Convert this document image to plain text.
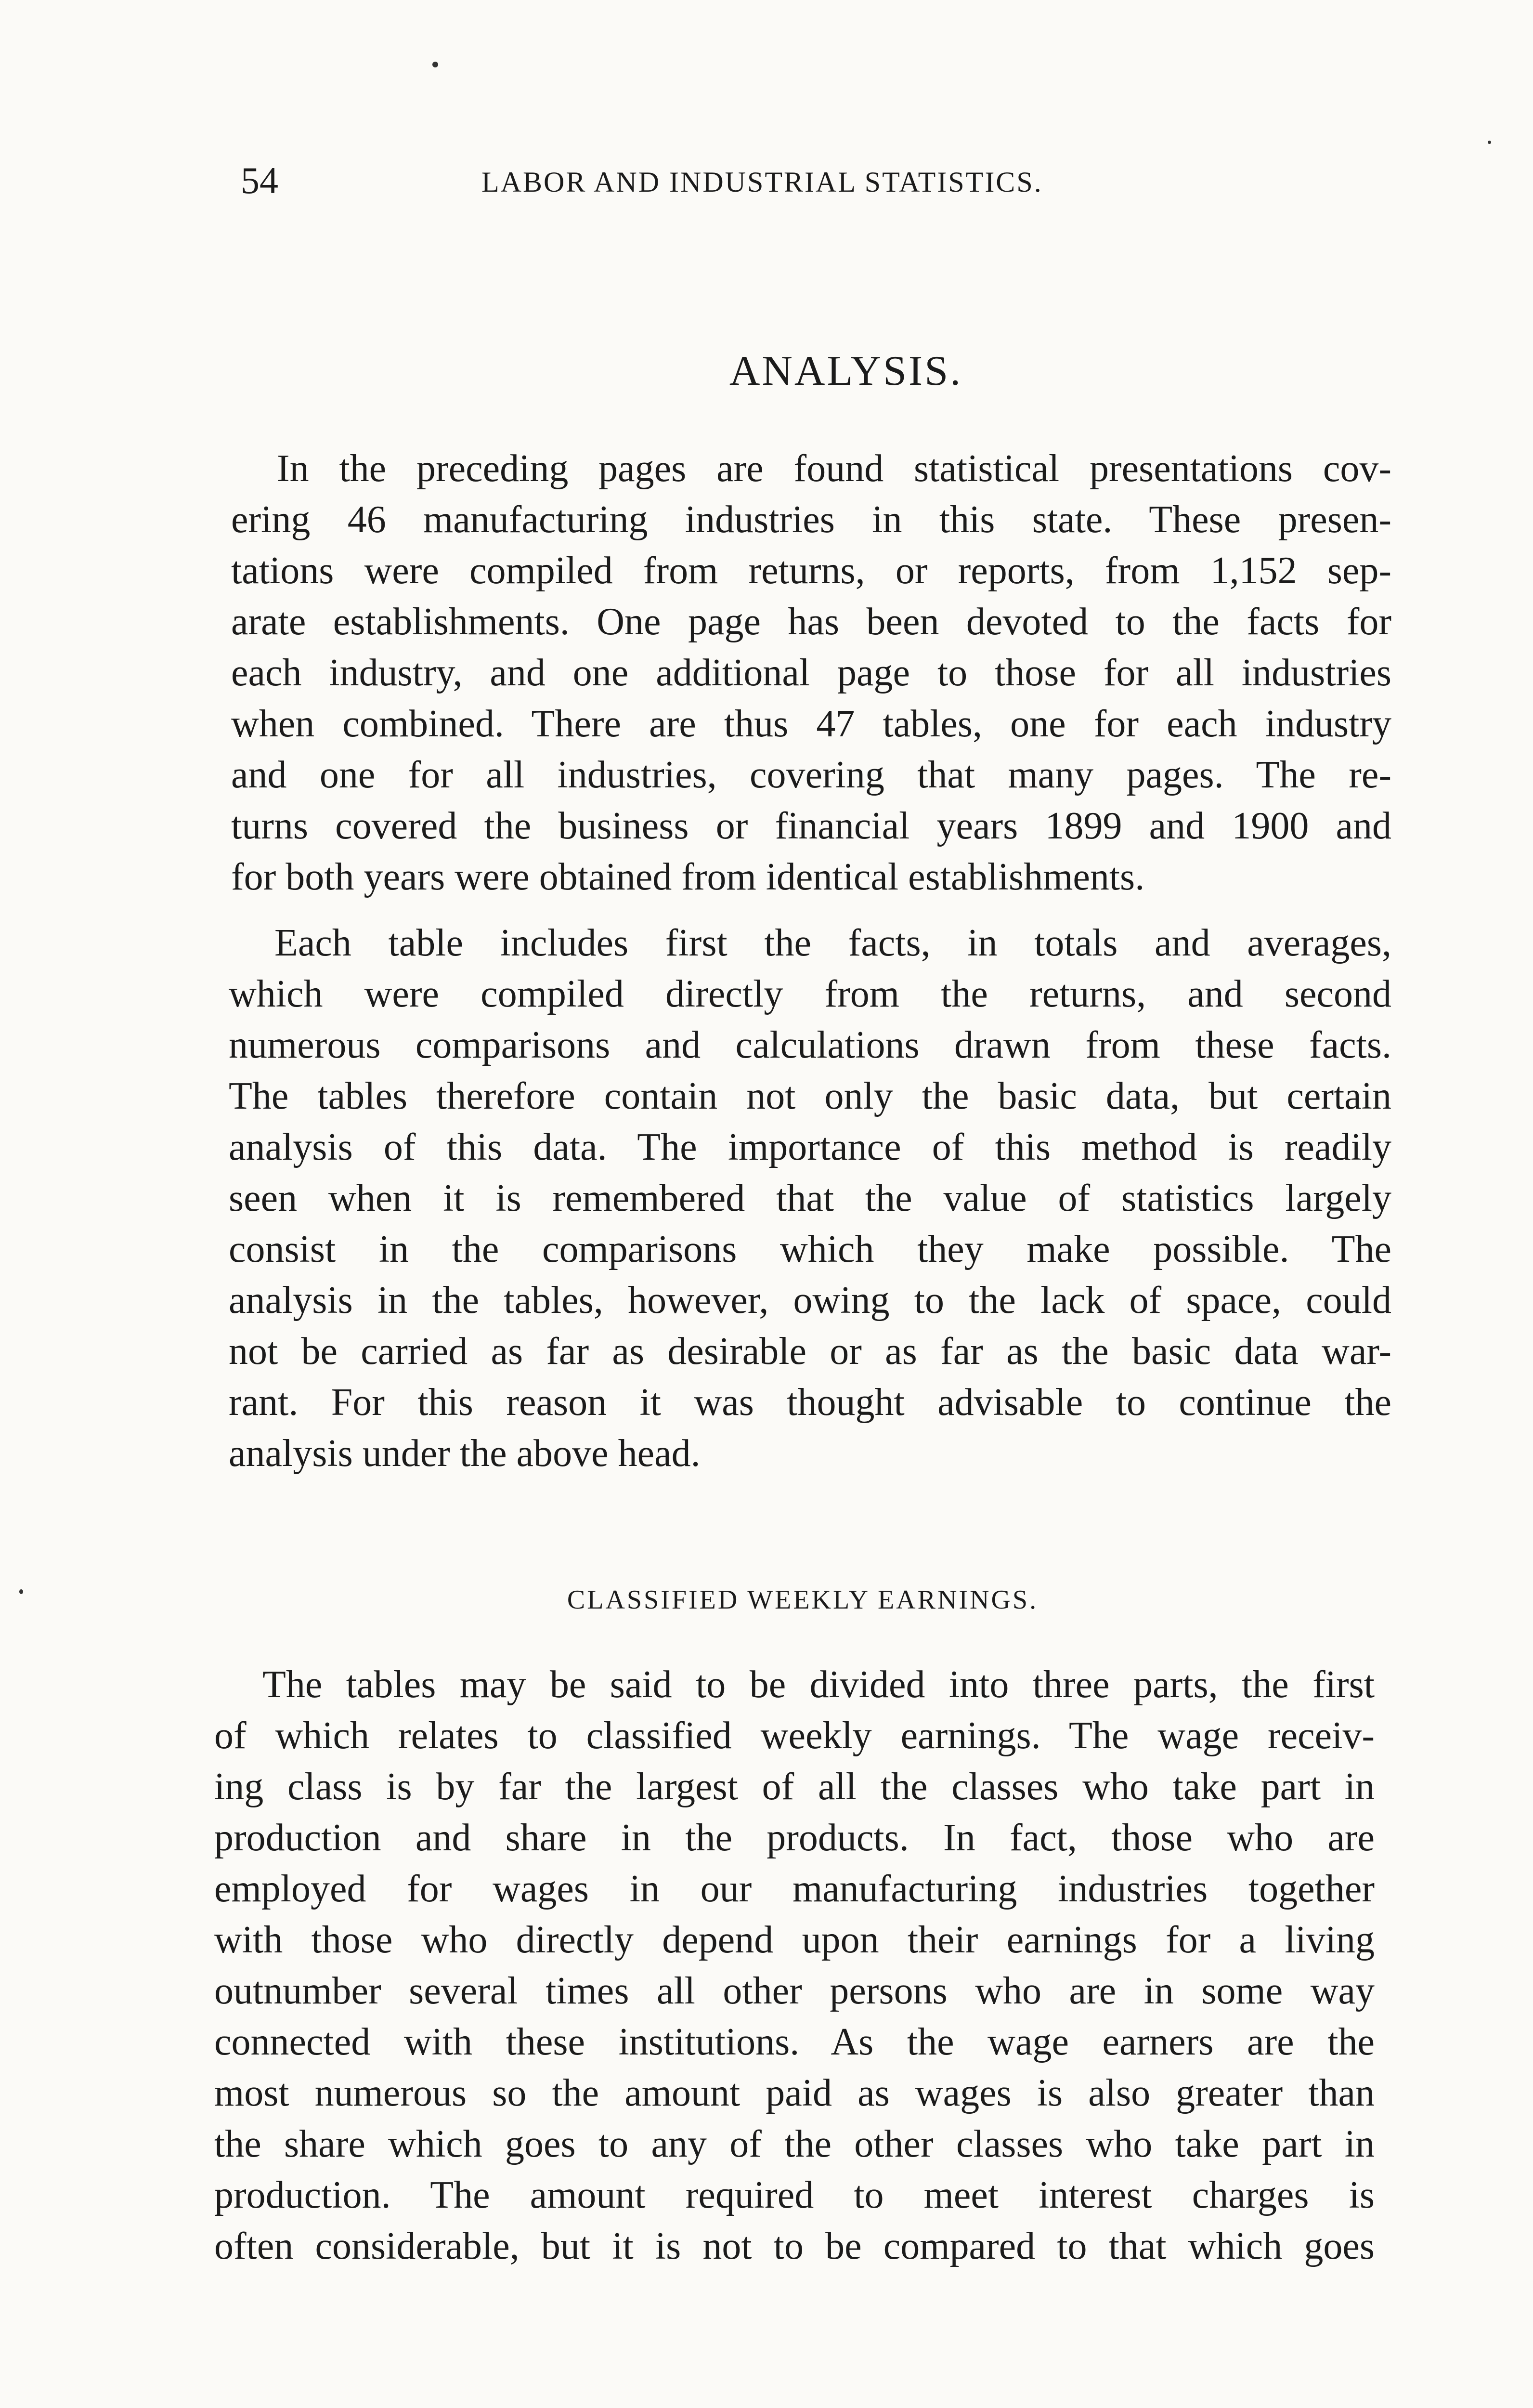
54	LABOR AND INDUSTRIAL STATISTICS.
ANALYSIS.
In the preceding pages are found statistical presentations cov-
ering 46 manufacturing industries in this state. These presen-
tations were compiled from returns, or reports, from 1,152 sep-
arate establishments. One page has been devoted to the facts for
each industry, and one additional page to those for all industries
when combined. There are thus 47 tables, one for each industry
and one for all industries, covering that many pages. The re-
turns covered the business or financial years 1899 and 1900 and
for both years were obtained from identical establishments.
Each table includes first the facts, in totals and averages,
which were compiled directly from the returns, and second
numerous comparisons and calculations drawn from these facts.
The tables therefore contain not only the basic data, but certain
analysis of this data. The importance of this method is readily
seen when it is remembered that the value of statistics largely
consist in the comparisons which they make possible. The
analysis in the tables, however, owing to the lack of space, could
not be carried as far as desirable or as far as the basic data war-
rant. For this reason it was thought advisable to continue the
analysis under the above head.
CLASSIFIED WEEKLY EARNINGS.
The tables may be said to be divided into three parts, the first
of which relates to classified weekly earnings. The wage receiv-
ing class is by far the largest of all the classes who take part in
production and share in the products. In fact, those who are
employed for wages in our manufacturing industries together
with those who directly depend upon their earnings for a living
outnumber several times all other persons who are in some way
connected with these institutions. As the wage earners are the
most numerous so the amount paid as wages is also greater than
the share which goes to any of the other classes who take part in
production. The amount required to meet interest charges is
often considerable, but it is not to be compared to that which goes
